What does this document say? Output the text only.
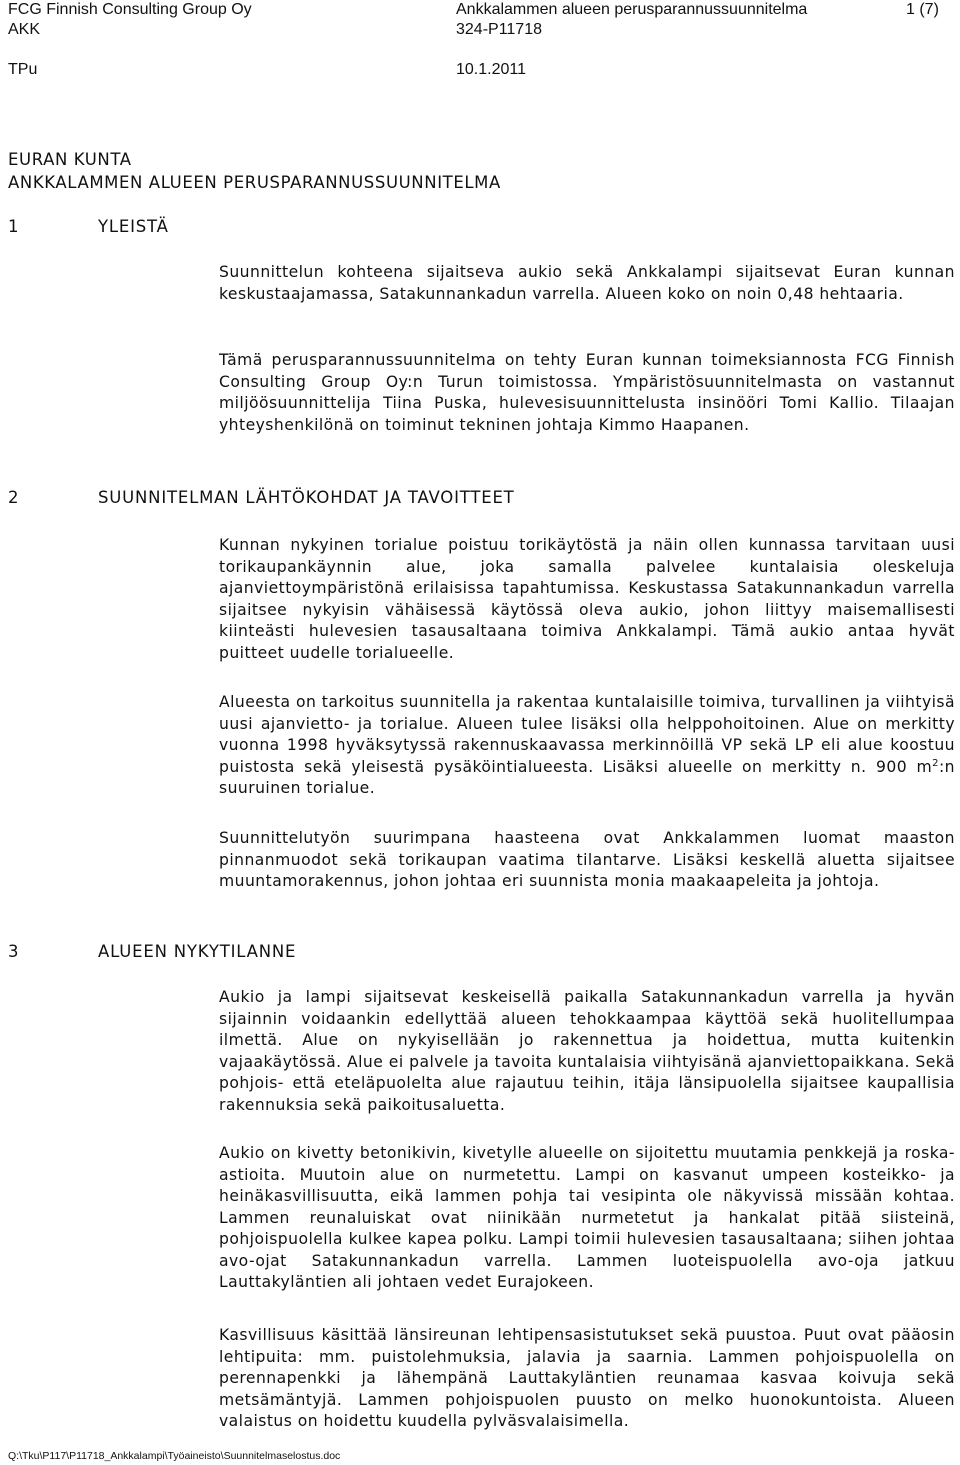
FCG Finnish Consulting Group Oy	Ankkalammen alueen perusparannussuunnitelma	1 (7)
AKK	324-P11718
TPu	10.1.2011
EURAN KUNTA
ANKKALAMMEN ALUEEN PERUSPARANNUSSUUNNITELMA
1	YLEISTÄ
Suunnittelun kohteena sijaitseva aukio sekä Ankkalampi sijaitsevat Euran kunnan keskustaajamassa, Satakunnankadun varrella. Alueen koko on noin 0,48 hehtaaria.
Tämä perusparannussuunnitelma on tehty Euran kunnan toimeksiannosta FCG Finnish Consulting Group Oy:n Turun toimistossa. Ympäristösuunnitelmasta on vastannut miljöösuunnittelija Tiina Puska, hulevesisuunnittelusta insinööri Tomi Kallio. Tilaajan yhteyshenkilönä on toiminut tekninen johtaja Kimmo Haapanen.
2	SUUNNITELMAN LÄHTÖKOHDAT JA TAVOITTEET
Kunnan nykyinen torialue poistuu torikäytöstä ja näin ollen kunnassa tarvitaan uusi torikaupankäynnin alue, joka samalla palvelee kuntalaisia oleskeluja ajanviettoympäristönä erilaisissa tapahtumissa. Keskustassa Satakunnankadun varrella sijaitsee nykyisin vähäisessä käytössä oleva aukio, johon liittyy maisemallisesti kiinteästi hulevesien tasausaltaana toimiva Ankkalampi. Tämä aukio antaa hyvät puitteet uudelle torialueelle.
Alueesta on tarkoitus suunnitella ja rakentaa kuntalaisille toimiva, turvallinen ja viihtyisä uusi ajanvietto- ja torialue. Alueen tulee lisäksi olla helppohoitoinen. Alue on merkitty vuonna 1998 hyväksytyssä rakennuskaavassa merkinnöillä VP sekä LP eli alue koostuu puistosta sekä yleisestä pysäköintialueesta. Lisäksi alueelle on merkitty n. 900 $m^2:n$ suuruinen torialue.
Suunnittelutyön suurimpana haasteena ovat Ankkalammen luomat maaston pinnanmuodot sekä torikaupan vaatima tilantarve. Lisäksi keskellä aluetta sijaitsee muuntamorakennus, johon johtaa eri suunnista monia maakaapeleita ja johtoja.
3	ALUEEN NYKYTILANNE
Aukio ja lampi sijaitsevat keskeisellä paikalla Satakunnankadun varrella ja hyvän sijainnin voidaankin edellyttää alueen tehokkaampaa käyttöä sekä huolitellumpaa ilmettä. Alue on nykyisellään jo rakennettua ja hoidettua, mutta kuitenkin vajaakäytössä. Alue ei palvele ja tavoita kuntalaisia viihtyisänä ajanviettopaikkana. Sekä pohjois- että eteläpuolelta alue rajautuu teihin, itäja länsipuolella sijaitsee kaupallisia rakennuksia sekä paikoitusaluetta.
Aukio on kivetty betonikivin, kivetylle alueelle on sijoitettu muutamia penkkejä ja roska-astioita. Muutoin alue on nurmetettu. Lampi on kasvanut umpeen kosteikko- ja heinäkasvillisuutta, eikä lammen pohja tai vesipinta ole näkyvissä missään kohtaa. Lammen reunaluiskat ovat niinikään nurmetetut ja hankalat pitää siisteinä, pohjoispuolella kulkee kapea polku. Lampi toimii hulevesien tasausaltaana; siihen johtaa avo-ojat Satakunnankadun varrella. Lammen luoteispuolella avo-oja jatkuu Lauttakyläntien ali johtaen vedet Eurajokeen.
Kasvillisuus käsittää länsireunan lehtipensasistutukset sekä puustoa. Puut ovat pääosin lehtipuita: mm. puistolehmuksia, jalavia ja saarnia. Lammen pohjoispuolella on perennapenkki ja lähempänä Lauttakyläntien reunamaa kasvaa koivuja sekä metsämäntyjä. Lammen pohjoispuolen puusto on melko huonokuntoista. Alueen valaistus on hoidettu kuudella pylväsvalaisimella.
Q:\Tku\P117\P11718_Ankkalampi\Työaineisto\Suunnitelmaselostus.doc
